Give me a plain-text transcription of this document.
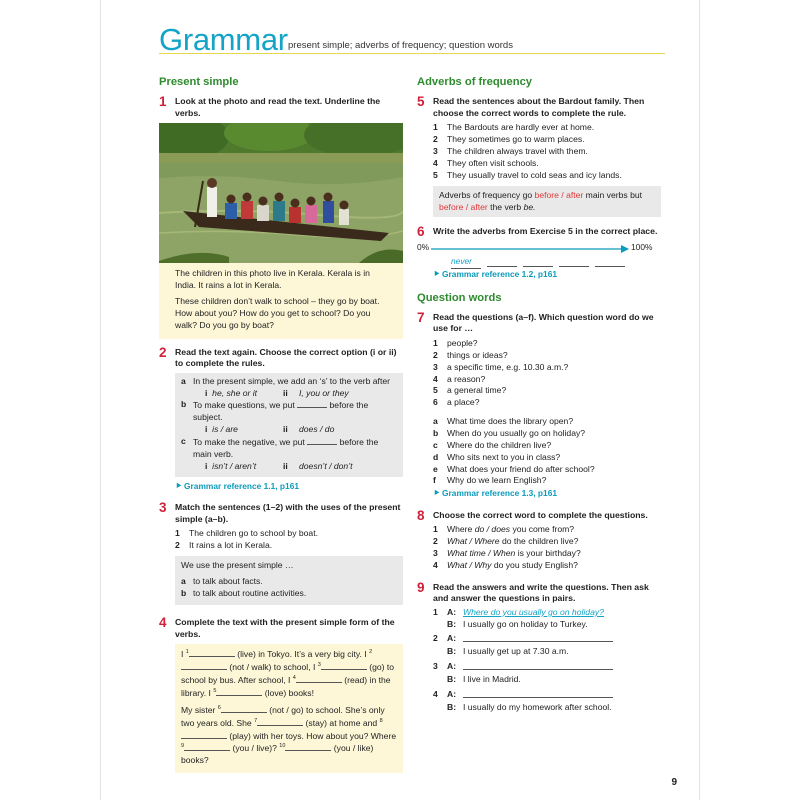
Grammar present simple; adverbs of frequency; question words
Present simple
1 Look at the photo and read the text. Underline the verbs.

The children in this photo live in Kerala. Kerala is in India. It rains a lot in Kerala.

These children don’t walk to school – they go by boat. How about you? How do you get to school? Do you walk? Do you go by boat?

2 Read the text again. Choose the correct option (i or ii) to complete the rules.
a In the present simple, we add an ‘s’ to the verb after
i he, she or it	ii	I, you or they
b To make questions, we put	before the subject.
i is / are	ii	does / do
c To make the negative, we put	before the main verb.
i isn’t / aren’t	ii	doesn’t / don’t
⯈ Grammar reference 1.1, p161
3 Match the sentences (1–2) with the uses of the present simple (a–b).
1 The children go to school by boat.
2 It rains a lot in Kerala.
We use the present simple …
a to talk about facts.
b to talk about routine activities.
4 Complete the text with the present simple form of the verbs.

I $^1$	(live) in Tokyo. It’s a very big city. I $^2$ (not / walk) to school, I $^3$	(go) to school by bus. After school, I $^4$	(read) in the library. I $^5$	(love) books!

My sister $^6$	(not / go) to school. She’s only two years old. She $^7$	(stay) at home and $^8$ (play) with her toys. How about you? Where $^9$	(you / live)? $^{10}$	(you / like) books?

Adverbs of frequency
5 Read the sentences about the Bardout family. Then choose the correct words to complete the rule.
1 The Bardouts are hardly ever at home.
2 They sometimes go to warm places.
3 The children always travel with them.
4 They often visit schools.
5 They usually travel to cold seas and icy lands.
Adverbs of frequency go before / after main verbs but before / after the verb be.
6 Write the adverbs from Exercise 5 in the correct place.
0%	100%
never
⯈ Grammar reference 1.2, p161
Question words
7 Read the questions (a–f). Which question word do we use for …
1 people?
2 things or ideas?
3 a specific time, e.g. 10.30 a.m.?
4 a reason?
5 a general time?
6 a place?
a What time does the library open?
b When do you usually go on holiday?
c Where do the children live?
d Who sits next to you in class?
e What does your friend do after school?
f Why do we learn English?
⯈ Grammar reference 1.3, p161
8 Choose the correct word to complete the questions.
1 Where do / does you come from?
2 What / Where do the children live?
3 What time / When is your birthday?
4 What / Why do you study English?
9 Read the answers and write the questions. Then ask and answer the questions in pairs.
1	A: Where do you usually go on holiday?
B: I usually go on holiday to Turkey.
2	A:
B: I usually get up at 7.30 a.m.
3	A:
B: I live in Madrid.
4	A:
B: I usually do my homework after school.
9
